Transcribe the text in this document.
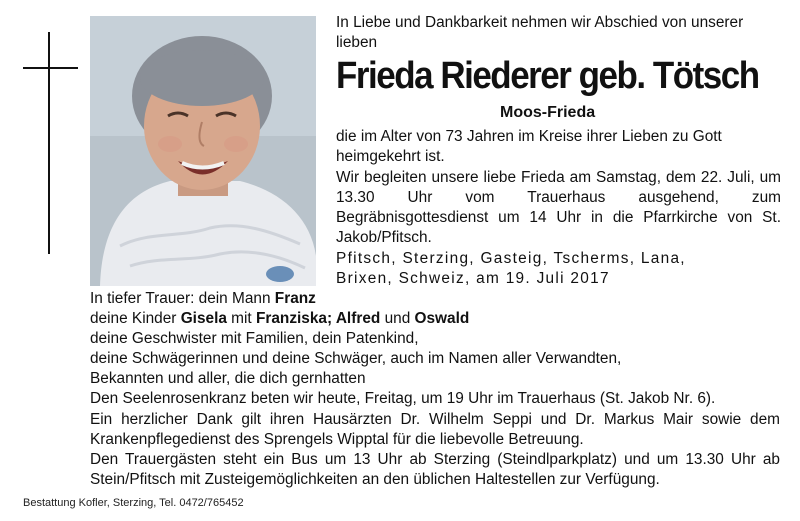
In Liebe und Dankbarkeit nehmen wir Abschied von unserer lieben

Frieda Riederer geb. Tötsch
Moos-Frieda

die im Alter von 73 Jahren im Kreise ihrer Lieben zu Gott heimgekehrt ist.

Wir begleiten unsere liebe Frieda am Samstag, dem 22. Juli, um 13.30 Uhr vom Trauerhaus ausgehend, zum Begräbnisgottesdienst um 14 Uhr in die Pfarrkirche von St. Jakob/Pfitsch.

Pfitsch, Sterzing, Gasteig, Tscherms, Lana,

Brixen, Schweiz, am 19. Juli 2017

In tiefer Trauer: dein Mann Franz

deine Kinder Gisela mit Franziska; Alfred und Oswald

deine Geschwister mit Familien, dein Patenkind,

deine Schwägerinnen und deine Schwäger, auch im Namen aller Verwandten,

Bekannten und aller, die dich gernhatten

Den Seelenrosenkranz beten wir heute, Freitag, um 19 Uhr im Trauerhaus (St. Jakob Nr. 6).

Ein herzlicher Dank gilt ihren Hausärzten Dr. Wilhelm Seppi und Dr. Markus Mair sowie dem Krankenpflegedienst des Sprengels Wipptal für die liebevolle Betreuung.

Den Trauergästen steht ein Bus um 13 Uhr ab Sterzing (Steindlparkplatz) und um 13.30 Uhr ab Stein/Pfitsch mit Zusteigemöglichkeiten an den üblichen Haltestellen zur Verfügung.

Bestattung Kofler, Sterzing, Tel. 0472/765452
